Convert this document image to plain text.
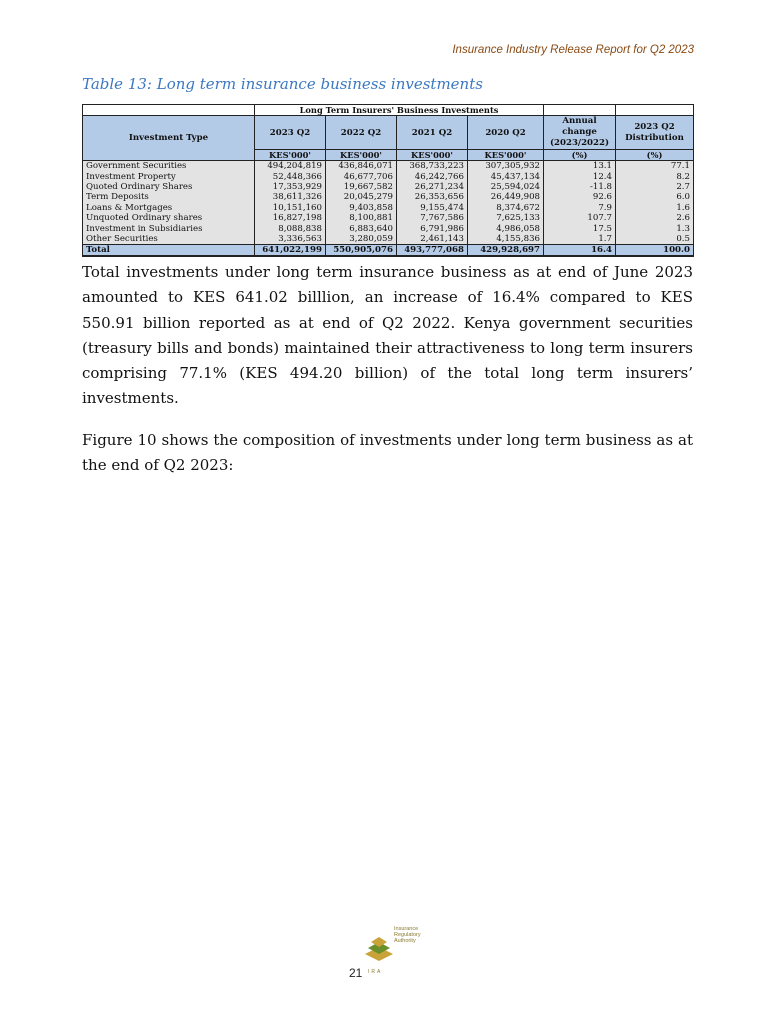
Insurance Industry Release Report for Q2 2023
Table 13: Long term insurance business investments
	Long Term Insurers' Business Investments					
Investment Type	2023 Q2	2022 Q2	2021 Q2	2020 Q2	Annual change (2023/2022)	2023 Q2 Distribution
	KES'000'	KES'000'	KES'000'	KES'000'	(%)	(%)
Government Securities	494,204,819	436,846,071	368,733,223	307,305,932	13.1	77.1
Investment Property	52,448,366	46,677,706	46,242,766	45,437,134	12.4	8.2
Quoted Ordinary Shares	17,353,929	19,667,582	26,271,234	25,594,024	-11.8	2.7
Term Deposits	38,611,326	20,045,279	26,353,656	26,449,908	92.6	6.0
Loans & Mortgages	10,151,160	9,403,858	9,155,474	8,374,672	7.9	1.6
Unquoted Ordinary shares	16,827,198	8,100,881	7,767,586	7,625,133	107.7	2.6
Investment in Subsidiaries	8,088,838	6,883,640	6,791,986	4,986,058	17.5	1.3
Other Securities	3,336,563	3,280,059	2,461,143	4,155,836	1.7	0.5
Total	641,022,199	550,905,076	493,777,068	429,928,697	16.4	100.0
Total investments under long term insurance business as at end of June 2023 amounted to KES 641.02 billlion, an increase of 16.4% compared to KES 550.91 billion reported as at end of Q2 2022. Kenya government securities (treasury bills and bonds) maintained their attractiveness to long term insurers comprising 77.1% (KES 494.20 billion) of the total long term insurers’ investments.
Figure 10 shows the composition of investments under long term business as at the end of Q2 2023:
Insurance
Regulatory
Authority
IRA
21
